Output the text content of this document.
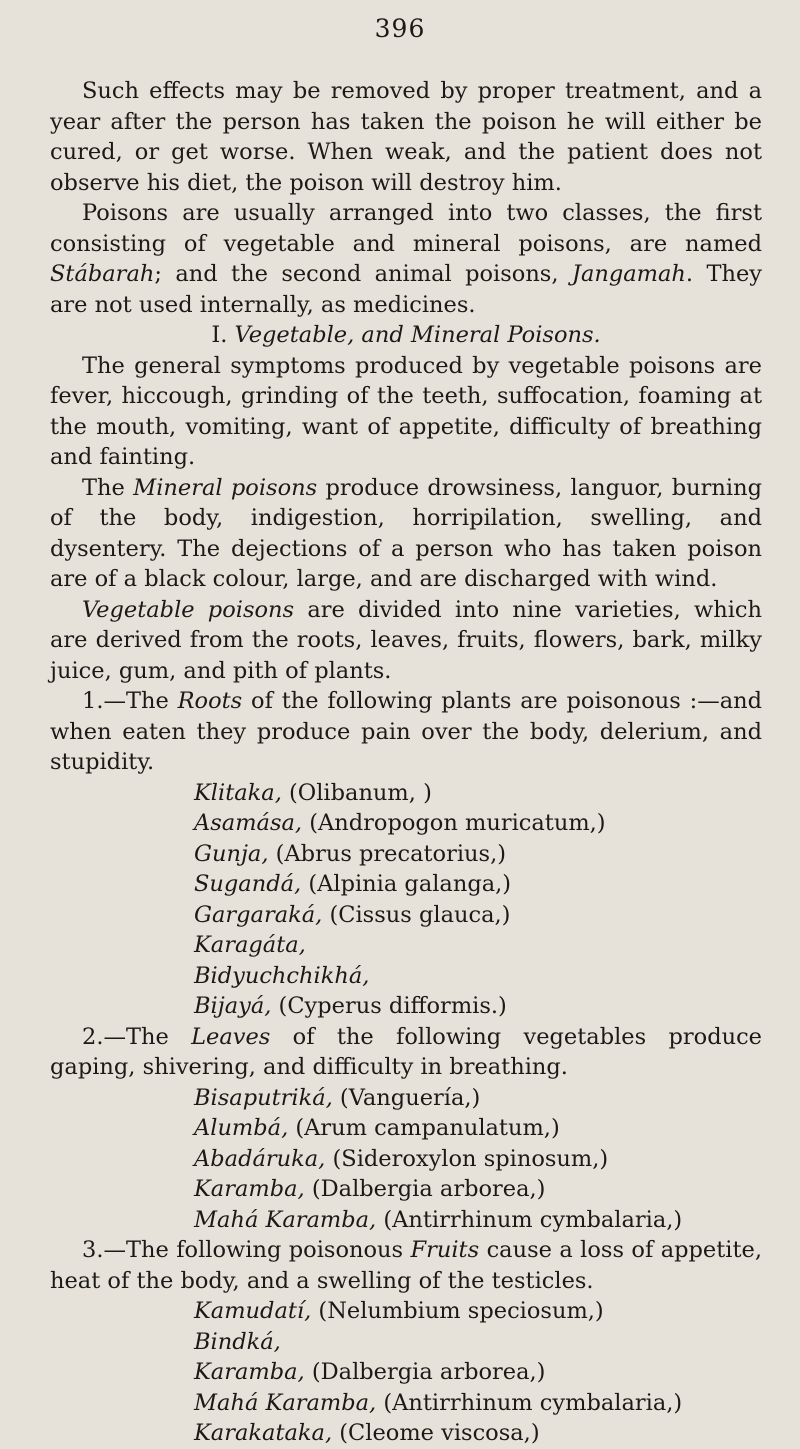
396

Such effects may be removed by proper treatment, and a year after the person has taken the poison he will either be cured, or get worse. When weak, and the patient does not observe his diet, the poison will destroy him.

Poisons are usually arranged into two classes, the first consisting of vegetable and mineral poisons, are named Stábarah; and the second animal poisons, Jangamah. They are not used internally, as medicines.

I. Vegetable, and Mineral Poisons.

The general symptoms produced by vegetable poisons are fever, hiccough, grinding of the teeth, suffocation, foaming at the mouth, vomiting, want of appetite, difficulty of breathing and fainting.

The Mineral poisons produce drowsiness, languor, burning of the body, indigestion, horripilation, swelling, and dysentery. The dejections of a person who has taken poison are of a black colour, large, and are discharged with wind.

Vegetable poisons are divided into nine varieties, which are derived from the roots, leaves, fruits, flowers, bark, milky juice, gum, and pith of plants.

1.—The Roots of the following plants are poisonous :—and when eaten they produce pain over the body, delerium, and stupidity.

Klitaka, (Olibanum, )
Asamása, (Andropogon muricatum,)
Gunja, (Abrus precatorius,)
Sugandá, (Alpinia galanga,)
Gargaraká, (Cissus glauca,)
Karagáta,
Bidyuchchikhá,
Bijayá, (Cyperus difformis.)

2.—The Leaves of the following vegetables produce gaping, shivering, and difficulty in breathing.

Bisaputriká, (Vanguería,)
Alumbá, (Arum campanulatum,)
Abadáruka, (Sideroxylon spinosum,)
Karamba, (Dalbergia arborea,)
Mahá Karamba, (Antirrhinum cymbalaria,)

3.—The following poisonous Fruits cause a loss of appetite, heat of the body, and a swelling of the testicles.

Kamudatí, (Nelumbium speciosum,)
Bindká,
Karamba, (Dalbergia arborea,)
Mahá Karamba, (Antirrhinum cymbalaria,)
Karakataka, (Cleome viscosa,)
